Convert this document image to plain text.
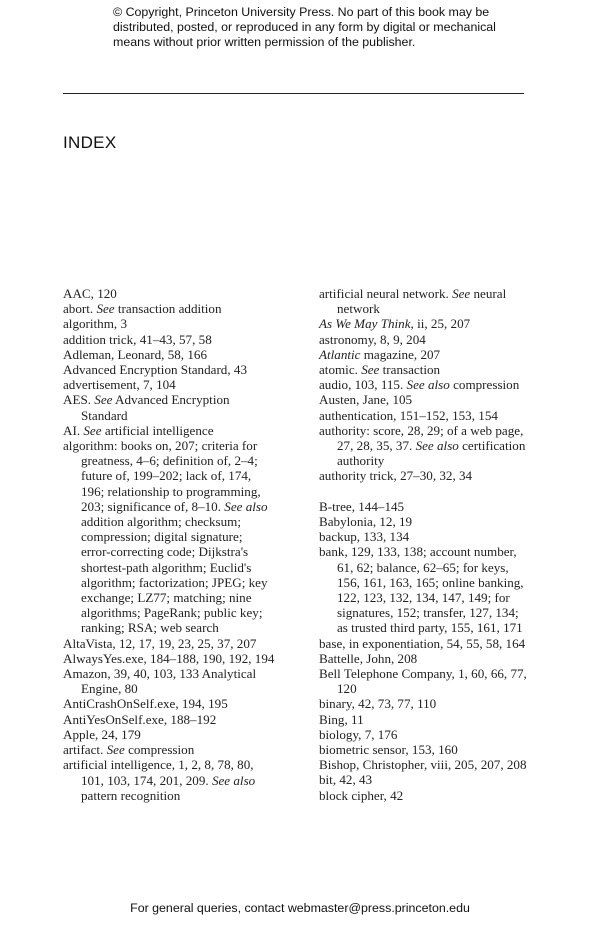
© Copyright, Princeton University Press. No part of this book may be distributed, posted, or reproduced in any form by digital or mechanical means without prior written permission of the publisher.
INDEX
AAC, 120
abort. See transaction addition
algorithm, 3
addition trick, 41–43, 57, 58
Adleman, Leonard, 58, 166
Advanced Encryption Standard, 43
advertisement, 7, 104
AES. See Advanced Encryption Standard
AI. See artificial intelligence
algorithm: books on, 207; criteria for greatness, 4–6; definition of, 2–4; future of, 199–202; lack of, 174, 196; relationship to programming, 203; significance of, 8–10. See also addition algorithm; checksum; compression; digital signature; error-correcting code; Dijkstra's shortest-path algorithm; Euclid's algorithm; factorization; JPEG; key exchange; LZ77; matching; nine algorithms; PageRank; public key; ranking; RSA; web search
AltaVista, 12, 17, 19, 23, 25, 37, 207
AlwaysYes.exe, 184–188, 190, 192, 194
Amazon, 39, 40, 103, 133 Analytical Engine, 80
AntiCrashOnSelf.exe, 194, 195
AntiYesOnSelf.exe, 188–192
Apple, 24, 179
artifact. See compression
artificial intelligence, 1, 2, 8, 78, 80, 101, 103, 174, 201, 209. See also pattern recognition
artificial neural network. See neural network
As We May Think, ii, 25, 207
astronomy, 8, 9, 204
Atlantic magazine, 207
atomic. See transaction
audio, 103, 115. See also compression
Austen, Jane, 105
authentication, 151–152, 153, 154
authority: score, 28, 29; of a web page, 27, 28, 35, 37. See also certification authority
authority trick, 27–30, 32, 34
B-tree, 144–145
Babylonia, 12, 19
backup, 133, 134
bank, 129, 133, 138; account number, 61, 62; balance, 62–65; for keys, 156, 161, 163, 165; online banking, 122, 123, 132, 134, 147, 149; for signatures, 152; transfer, 127, 134; as trusted third party, 155, 161, 171
base, in exponentiation, 54, 55, 58, 164
Battelle, John, 208
Bell Telephone Company, 1, 60, 66, 77, 120
binary, 42, 73, 77, 110
Bing, 11
biology, 7, 176
biometric sensor, 153, 160
Bishop, Christopher, viii, 205, 207, 208
bit, 42, 43
block cipher, 42
For general queries, contact webmaster@press.princeton.edu
